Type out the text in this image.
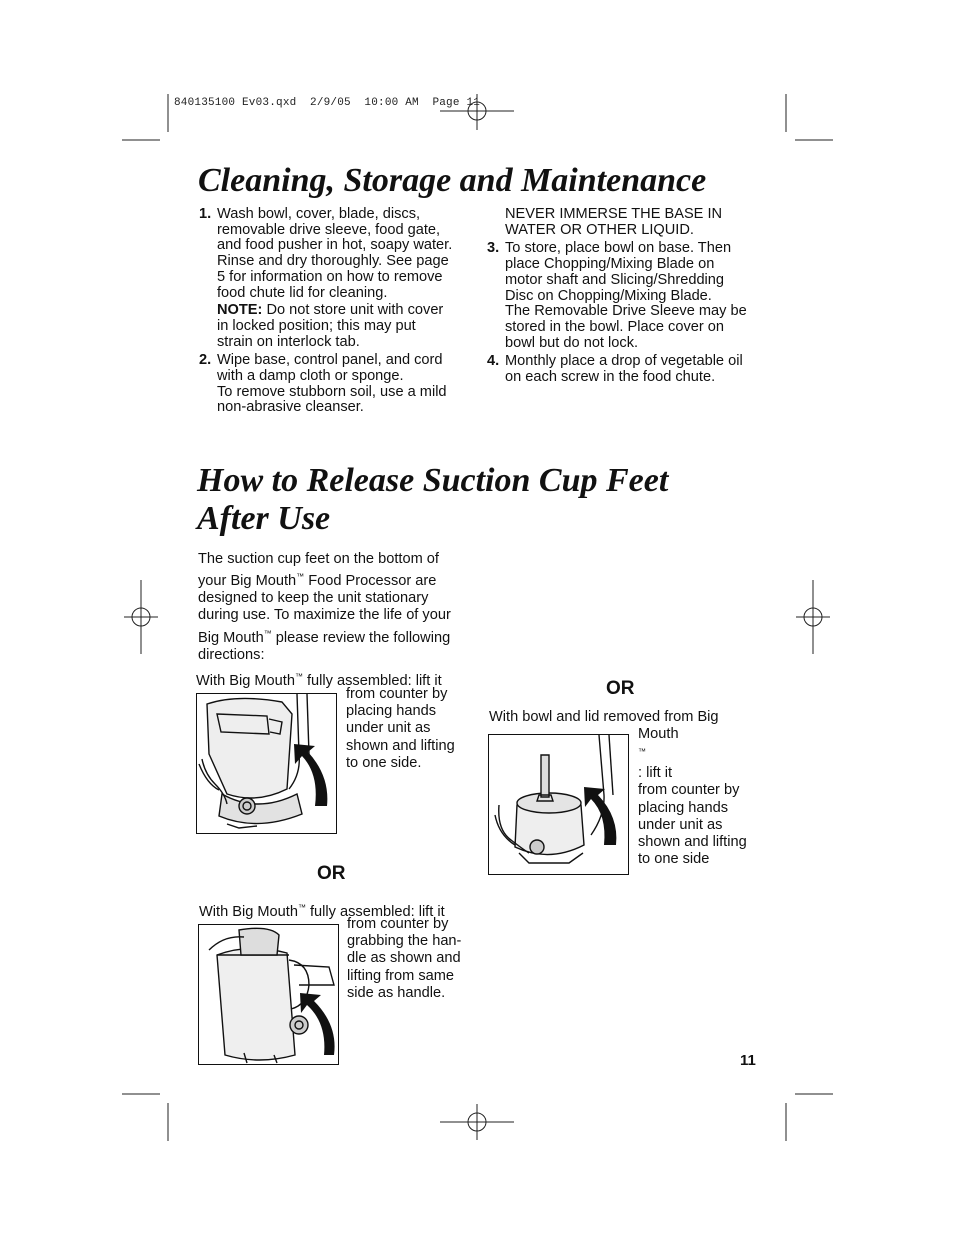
840135100 Ev03.qxd  2/9/05  10:00 AM  Page 11
Cleaning, Storage and Maintenance
1. Wash bowl, cover, blade, discs,
removable drive sleeve, food gate,
and food pusher in hot, soapy water.
Rinse and dry thoroughly. See page
5 for information on how to remove
food chute lid for cleaning.

NOTE: Do not store unit with cover
in locked position; this may put
strain on interlock tab.

2. Wipe base, control panel, and cord
with a damp cloth or sponge.
To remove stubborn soil, use a mild
non-abrasive cleanser.

NEVER IMMERSE THE BASE IN
WATER OR OTHER LIQUID.

3. To store, place bowl on base. Then
place Chopping/Mixing Blade on
motor shaft and Slicing/Shredding
Disc on Chopping/Mixing Blade.
The Removable Drive Sleeve may be
stored in the bowl. Place cover on
bowl but do not lock.

4. Monthly place a drop of vegetable oil
on each screw in the food chute.

How to Release Suction Cup Feet
After Use
The suction cup feet on the bottom of
your Big Mouth™ Food Processor are
designed to keep the unit stationary
during use. To maximize the life of your
Big Mouth™ please review the following
directions:
With Big Mouth™ fully assembled: lift it
from counter by
placing hands
under unit as
shown and lifting
to one side.
OR
OR
With bowl and lid removed from Big
Mouth
™
: lift it
from counter by
placing hands
under unit as
shown and lifting
to one side
With Big Mouth™ fully assembled: lift it
from counter by
grabbing the han-
dle as shown and
lifting from same
side as handle.
11
